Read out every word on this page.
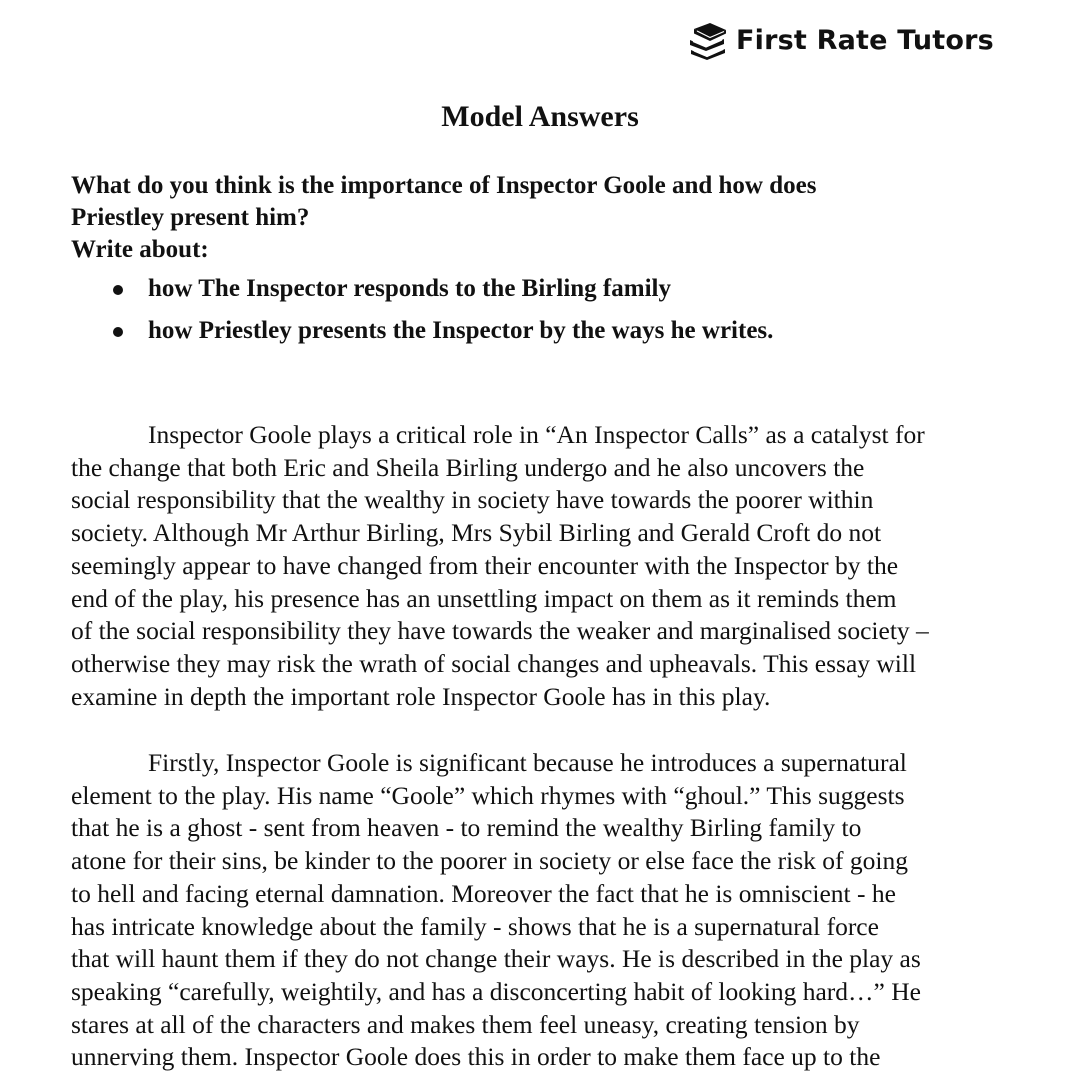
First Rate Tutors
Model Answers
What do you think is the importance of Inspector Goole and how does
Priestley present him?
Write about:
how The Inspector responds to the Birling family
how Priestley presents the Inspector by the ways he writes.
Inspector Goole plays a critical role in “An Inspector Calls” as a catalyst for
the change that both Eric and Sheila Birling undergo and he also uncovers the
social responsibility that the wealthy in society have towards the poorer within
society. Although Mr Arthur Birling, Mrs Sybil Birling and Gerald Croft do not
seemingly appear to have changed from their encounter with the Inspector by the
end of the play, his presence has an unsettling impact on them as it reminds them
of the social responsibility they have towards the weaker and marginalised society –
otherwise they may risk the wrath of social changes and upheavals. This essay will
examine in depth the important role Inspector Goole has in this play.
Firstly, Inspector Goole is significant because he introduces a supernatural
element to the play. His name “Goole” which rhymes with “ghoul.” This suggests
that he is a ghost - sent from heaven - to remind the wealthy Birling family to
atone for their sins, be kinder to the poorer in society or else face the risk of going
to hell and facing eternal damnation. Moreover the fact that he is omniscient - he
has intricate knowledge about the family - shows that he is a supernatural force
that will haunt them if they do not change their ways. He is described in the play as
speaking “carefully, weightily, and has a disconcerting habit of looking hard…” He
stares at all of the characters and makes them feel uneasy, creating tension by
unnerving them. Inspector Goole does this in order to make them face up to the
